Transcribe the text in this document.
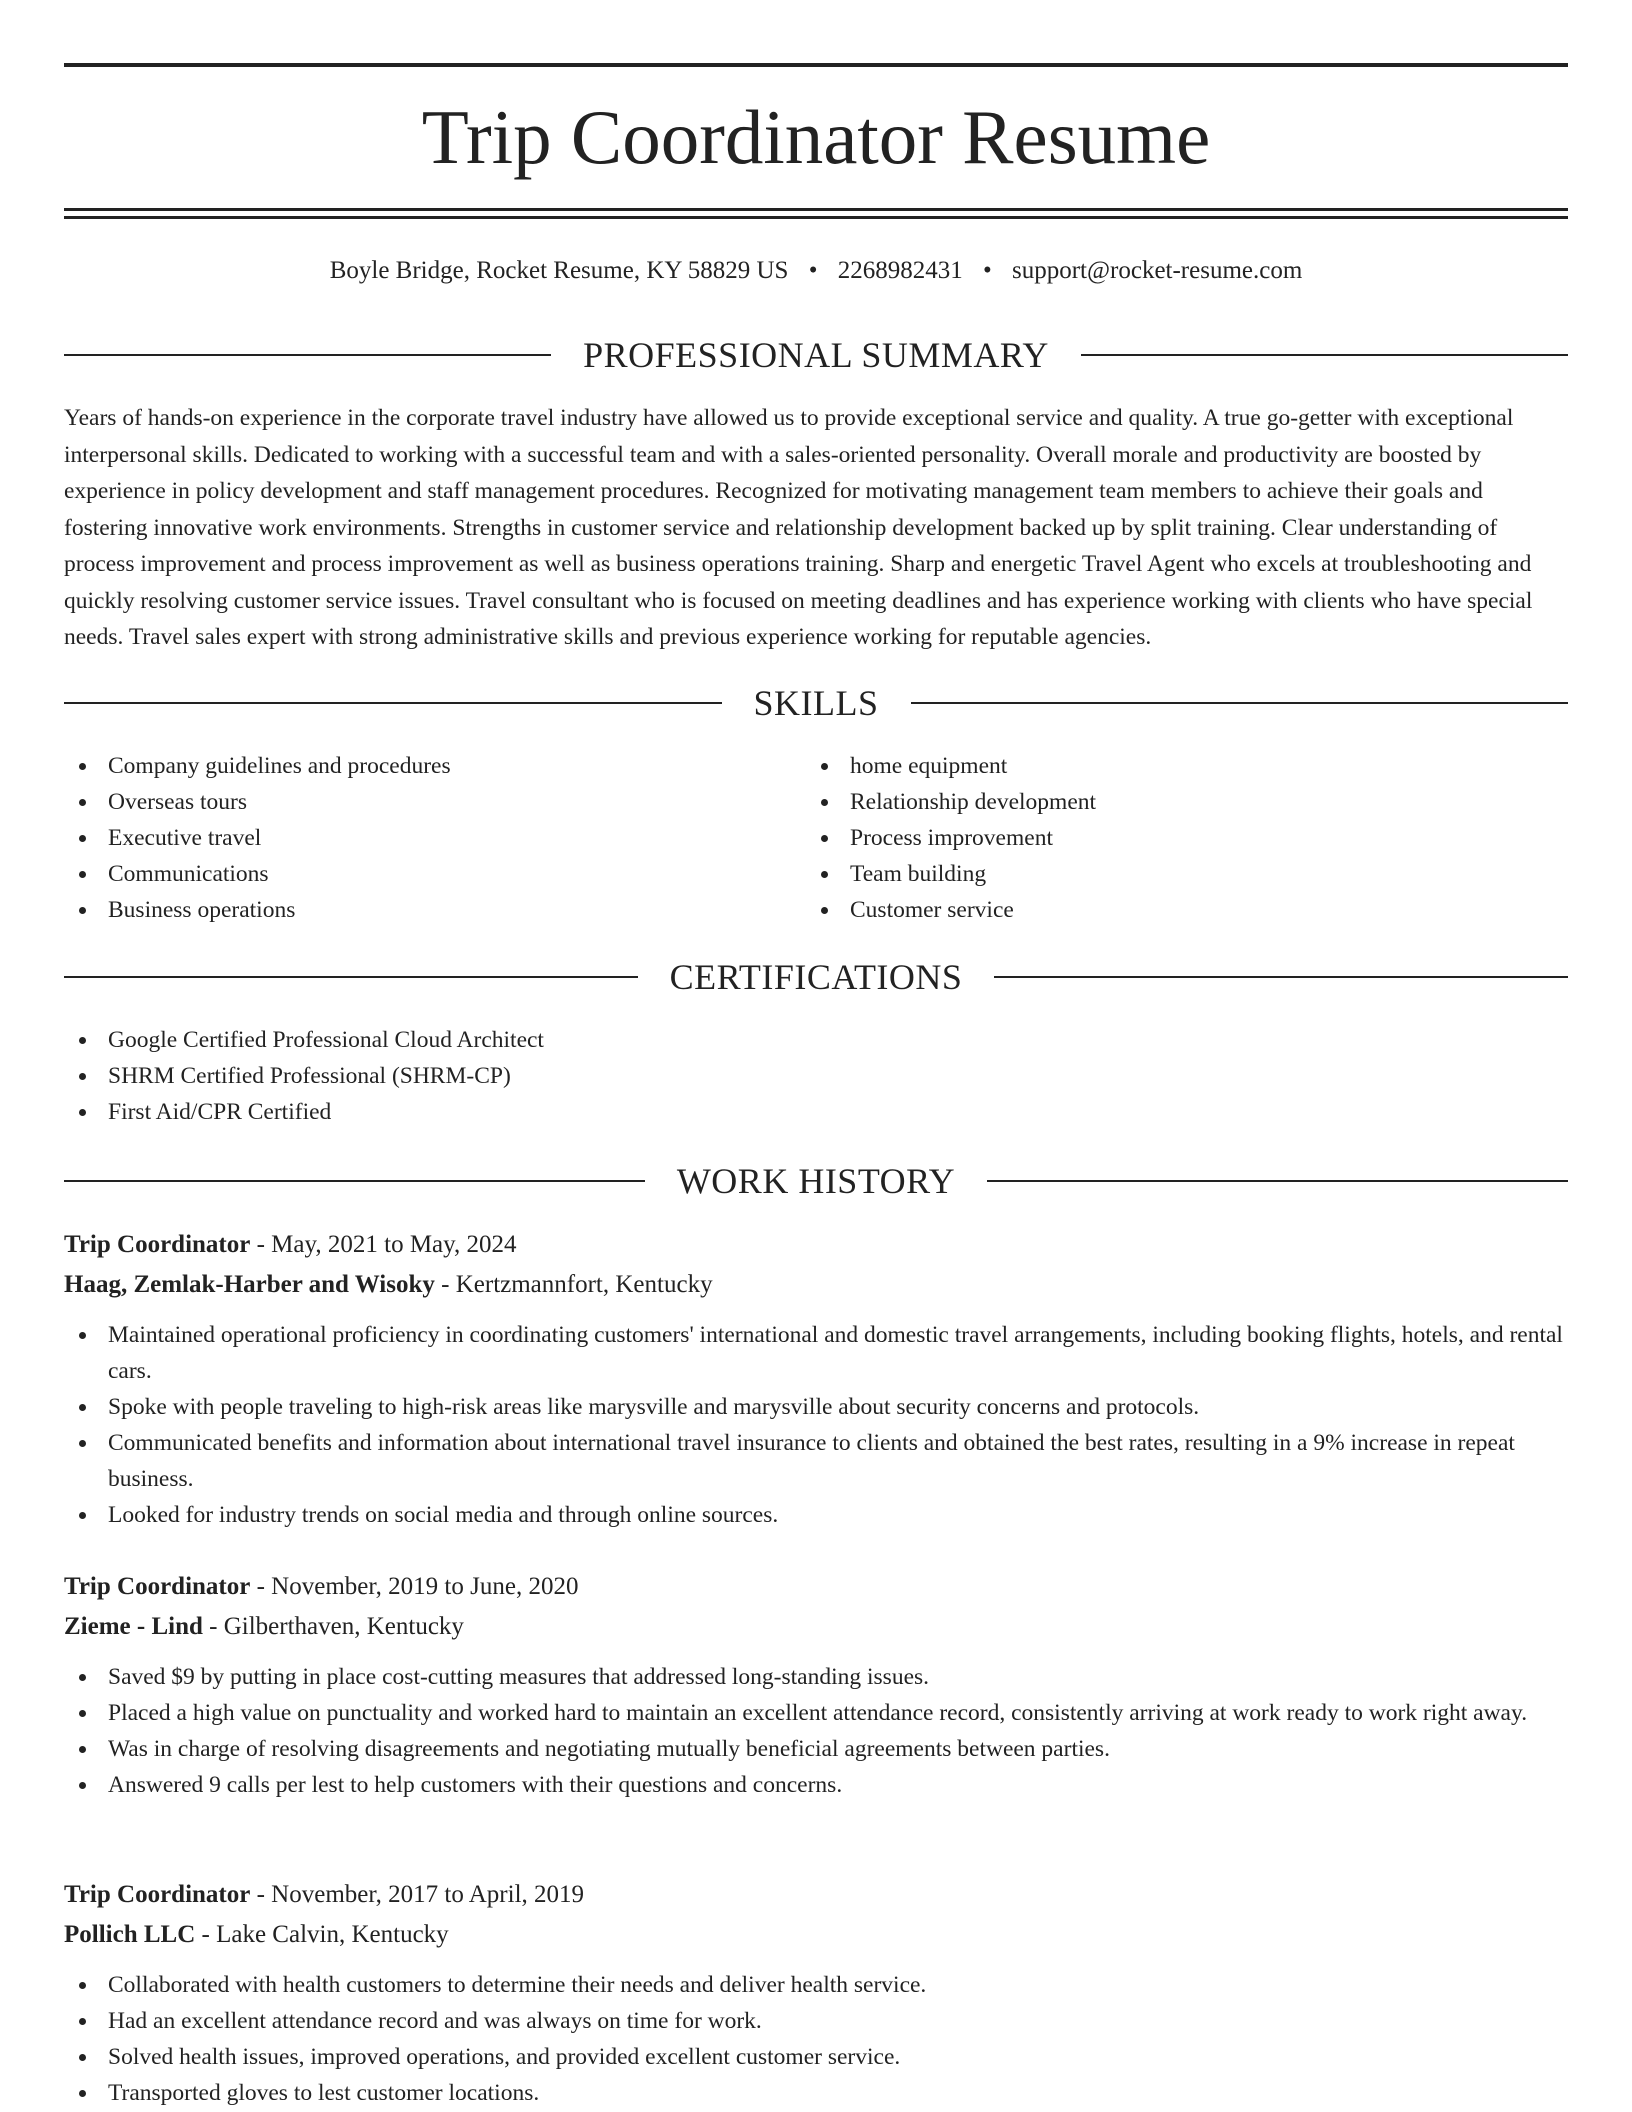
Trip Coordinator Resume
Boyle Bridge, Rocket Resume, KY 58829 US • 2268982431 • support@rocket-resume.com
PROFESSIONAL SUMMARY

Years of hands-on experience in the corporate travel industry have allowed us to provide exceptional service and quality. A true go-getter with exceptional interpersonal skills. Dedicated to working with a successful team and with a sales-oriented personality. Overall morale and productivity are boosted by experience in policy development and staff management procedures. Recognized for motivating management team members to achieve their goals and fostering innovative work environments. Strengths in customer service and relationship development backed up by split training. Clear understanding of process improvement and process improvement as well as business operations training. Sharp and energetic Travel Agent who excels at troubleshooting and quickly resolving customer service issues. Travel consultant who is focused on meeting deadlines and has experience working with clients who have special needs. Travel sales expert with strong administrative skills and previous experience working for reputable agencies.

SKILLS
Company guidelines and procedures
Overseas tours
Executive travel
Communications
Business operations
home equipment
Relationship development
Process improvement
Team building
Customer service
CERTIFICATIONS
Google Certified Professional Cloud Architect
SHRM Certified Professional (SHRM-CP)
First Aid/CPR Certified
WORK HISTORY
Trip Coordinator - May, 2021 to May, 2024
Haag, Zemlak-Harber and Wisoky - Kertzmannfort, Kentucky
Maintained operational proficiency in coordinating customers' international and domestic travel arrangements, including booking flights, hotels, and rental cars.
Spoke with people traveling to high-risk areas like marysville and marysville about security concerns and protocols.
Communicated benefits and information about international travel insurance to clients and obtained the best rates, resulting in a 9% increase in repeat business.
Looked for industry trends on social media and through online sources.
Trip Coordinator - November, 2019 to June, 2020
Zieme - Lind - Gilberthaven, Kentucky
Saved $9 by putting in place cost-cutting measures that addressed long-standing issues.
Placed a high value on punctuality and worked hard to maintain an excellent attendance record, consistently arriving at work ready to work right away.
Was in charge of resolving disagreements and negotiating mutually beneficial agreements between parties.
Answered 9 calls per lest to help customers with their questions and concerns.
Trip Coordinator - November, 2017 to April, 2019
Pollich LLC - Lake Calvin, Kentucky
Collaborated with health customers to determine their needs and deliver health service.
Had an excellent attendance record and was always on time for work.
Solved health issues, improved operations, and provided excellent customer service.
Transported gloves to lest customer locations.
